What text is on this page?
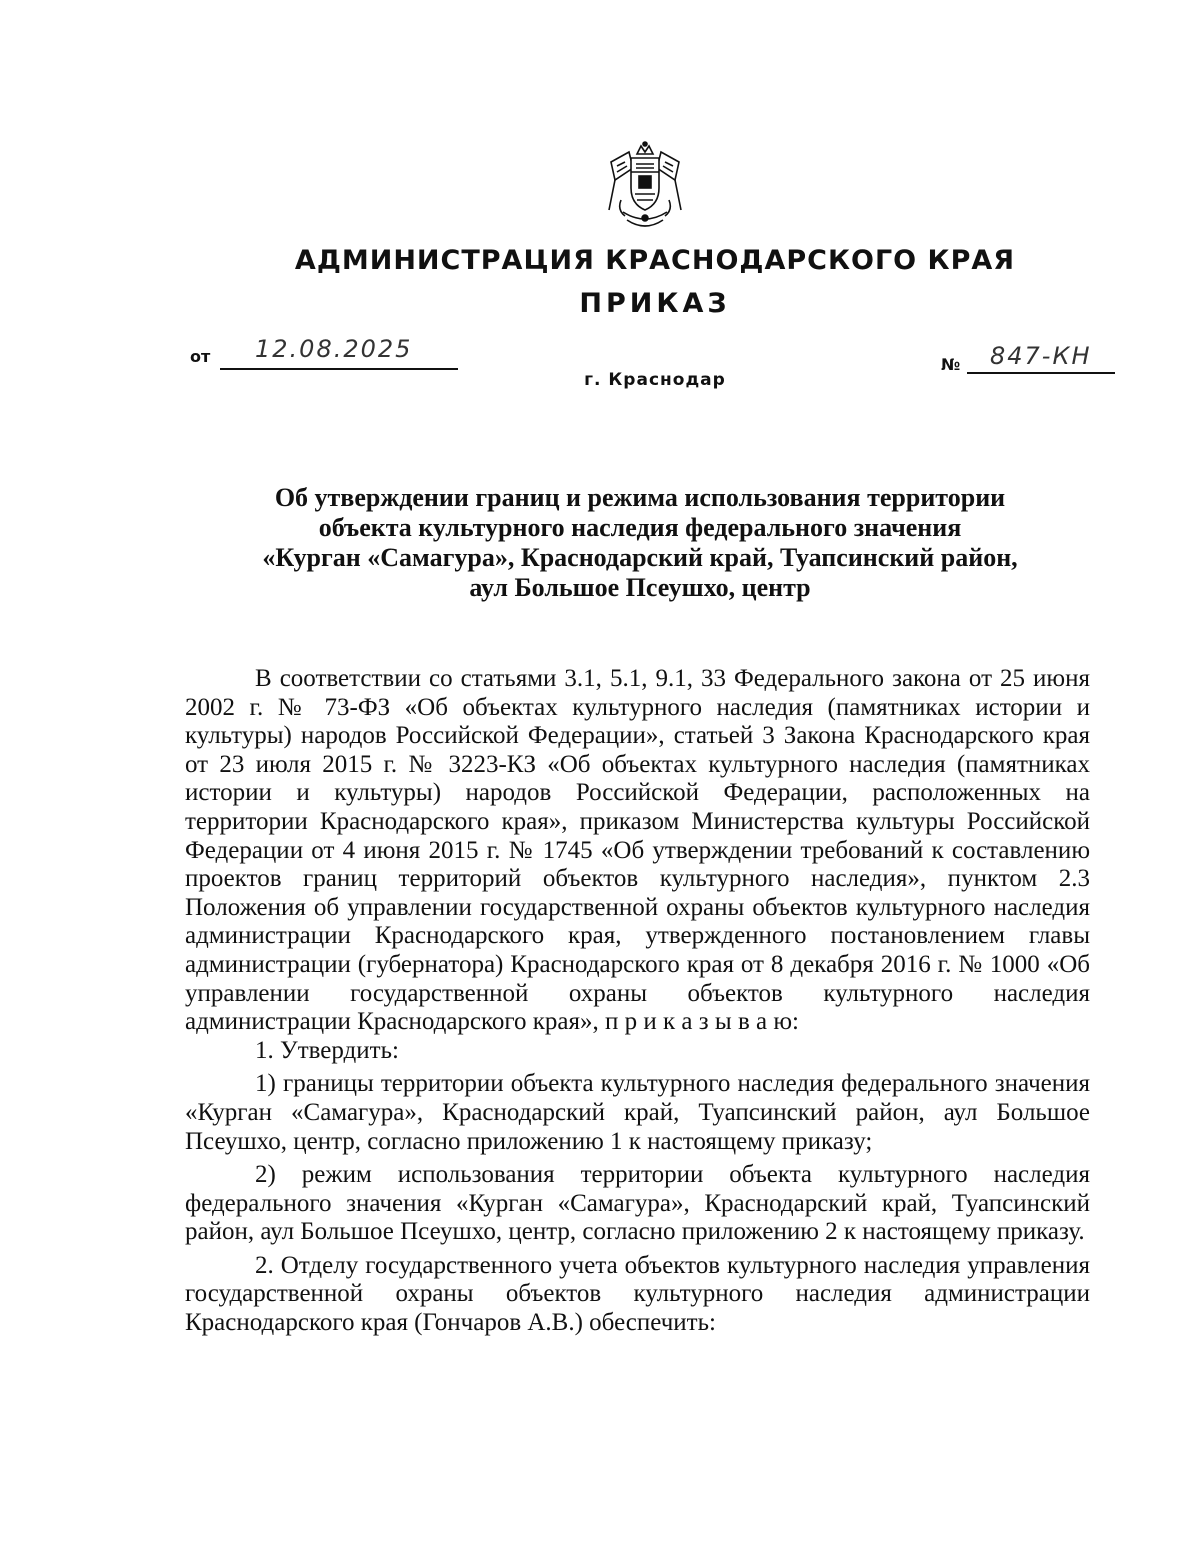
АДМИНИСТРАЦИЯ КРАСНОДАРСКОГО КРАЯ
ПРИКАЗ
от 12.08.2025
№ 847-КН
г. Краснодар
Об утверждении границ и режима использования территории
объекта культурного наследия федерального значения
«Курган «Самагура», Краснодарский край, Туапсинский район,
аул Большое Псеушхо, центр

В соответствии со статьями 3.1, 5.1, 9.1, 33 Федерального закона от 25 июня 2002 г. № 73-ФЗ «Об объектах культурного наследия (памятниках истории и культуры) народов Российской Федерации», статьей 3 Закона Краснодарского края от 23 июля 2015 г. № 3223-КЗ «Об объектах культурного наследия (памятниках истории и культуры) народов Российской Федерации, расположенных на территории Краснодарского края», приказом Министерства культуры Российской Федерации от 4 июня 2015 г. № 1745 «Об утверждении требований к составлению проектов границ территорий объектов культурного наследия», пунктом 2.3 Положения об управлении государственной охраны объектов культурного наследия администрации Краснодарского края, утвержденного постановлением главы администрации (губернатора) Краснодарского края от 8 декабря 2016 г. № 1000 «Об управлении государственной охраны объектов культурного наследия администрации Краснодарского края», п р и к а з ы в а ю:

1. Утвердить:

1) границы территории объекта культурного наследия федерального значения «Курган «Самагура», Краснодарский край, Туапсинский район, аул Большое Псеушхо, центр, согласно приложению 1 к настоящему приказу;

2) режим использования территории объекта культурного наследия федерального значения «Курган «Самагура», Краснодарский край, Туапсинский район, аул Большое Псеушхо, центр, согласно приложению 2 к настоящему приказу.

2. Отделу государственного учета объектов культурного наследия управления государственной охраны объектов культурного наследия администрации Краснодарского края (Гончаров А.В.) обеспечить:
